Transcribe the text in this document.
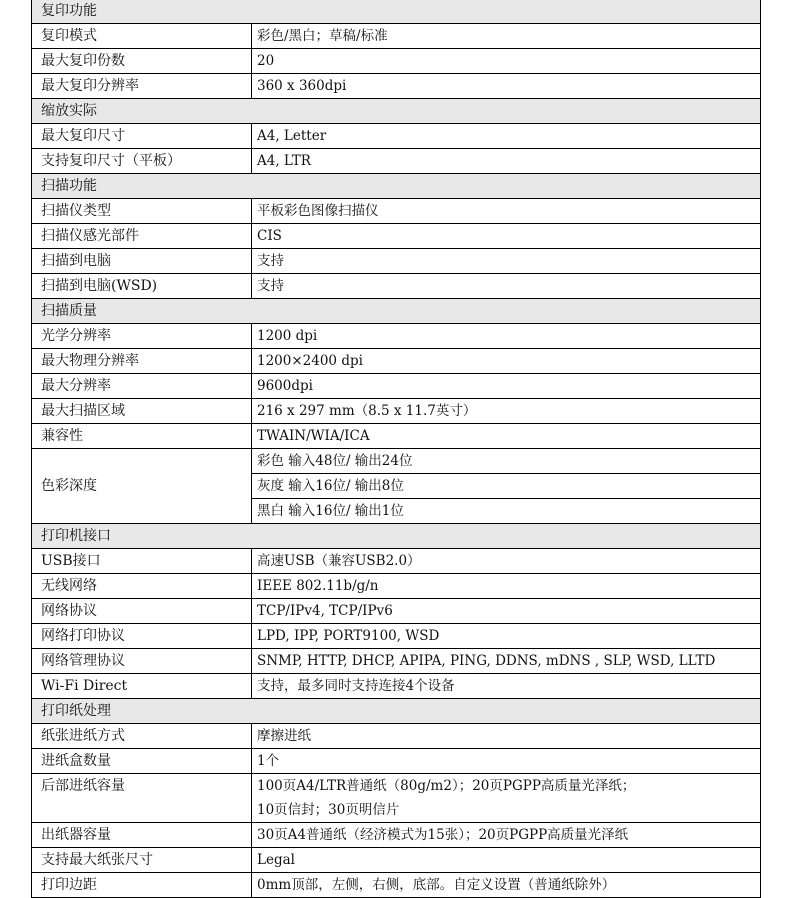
复印功能	
复印模式	彩色/黑白；草稿/标准
最大复印份数	20
最大复印分辨率	360 x 360dpi
缩放实际	
最大复印尺寸	A4, Letter
支持复印尺寸（平板）	A4, LTR
扫描功能	
扫描仪类型	平板彩色图像扫描仪
扫描仪感光部件	CIS
扫描到电脑	支持
扫描到电脑(WSD)	支持
扫描质量	
光学分辨率	1200 dpi
最大物理分辨率	1200×2400 dpi
最大分辨率	9600dpi
最大扫描区域	216 x 297 mm（8.5 x 11.7英寸）
兼容性	TWAIN/WIA/ICA
色彩深度	彩色 输入48位/ 输出24位
	灰度 输入16位/ 输出8位
	黑白 输入16位/ 输出1位
打印机接口	
USB接口	高速USB（兼容USB2.0）
无线网络	IEEE 802.11b/g/n
网络协议	TCP/IPv4, TCP/IPv6
网络打印协议	LPD, IPP, PORT9100, WSD
网络管理协议	SNMP, HTTP, DHCP, APIPA, PING, DDNS, mDNS , SLP, WSD, LLTD
Wi-Fi Direct	支持，最多同时支持连接4个设备
打印纸处理	
纸张进纸方式	摩擦进纸
进纸盒数量	1个
后部进纸容量	100页A4/LTR普通纸（80g/m2）；20页PGPP高质量光泽纸；
10页信封；30页明信片

出纸器容量	30页A4普通纸（经济模式为15张）；20页PGPP高质量光泽纸
支持最大纸张尺寸	Legal
打印边距	0mm顶部，左侧，右侧，底部。自定义设置（普通纸除外）
